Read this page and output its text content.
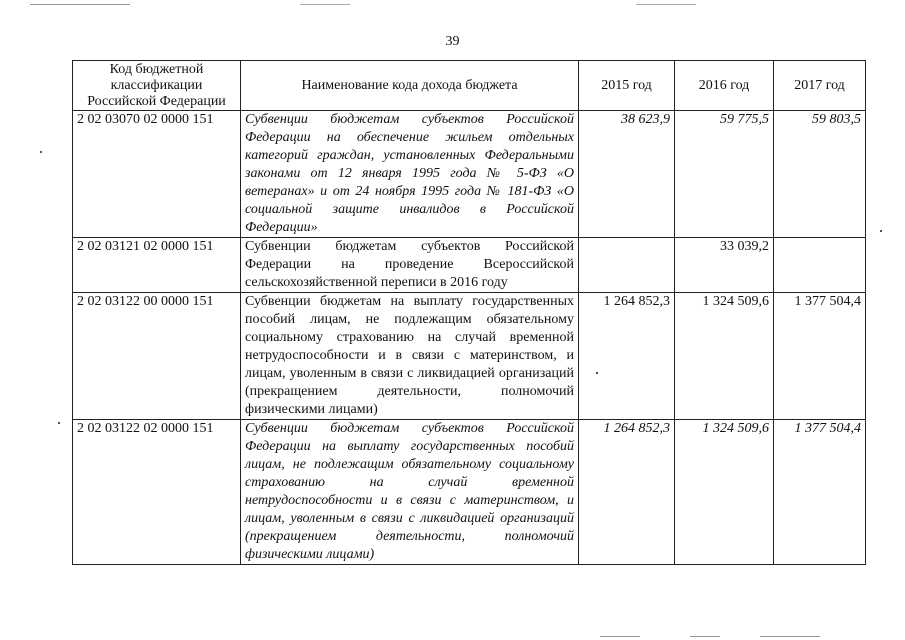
39
Код бюджетной классификации Российской Федерации	Наименование кода дохода бюджета	2015 год	2016 год	2017 год
2 02 03070 02 0000 151	Субвенции бюджетам субъектов Российской Федерации на обеспечение жильем отдельных категорий граждан, установленных Федеральными законами от 12 января 1995 года № 5-ФЗ «О ветеранах» и от 24 ноября 1995 года № 181-ФЗ «О социальной защите инвалидов в Российской Федерации»	38 623,9	59 775,5	59 803,5
2 02 03121 02 0000 151	Субвенции бюджетам субъектов Российской Федерации на проведение Всероссийской сельскохозяйственной переписи в 2016 году		33 039,2	
2 02 03122 00 0000 151	Субвенции бюджетам на выплату государственных пособий лицам, не подлежащим обязательному социальному страхованию на случай временной нетрудоспособности и в связи с материнством, и лицам, уволенным в связи с ликвидацией организаций (прекращением деятельности, полномочий физическими лицами)	1 264 852,3	1 324 509,6	1 377 504,4
2 02 03122 02 0000 151	Субвенции бюджетам субъектов Российской Федерации на выплату государственных пособий лицам, не подлежащим обязательному социальному страхованию на случай временной нетрудоспособности и в связи с материнством, и лицам, уволенным в связи с ликвидацией организаций (прекращением деятельности, полномочий физическими лицами)	1 264 852,3	1 324 509,6	1 377 504,4
